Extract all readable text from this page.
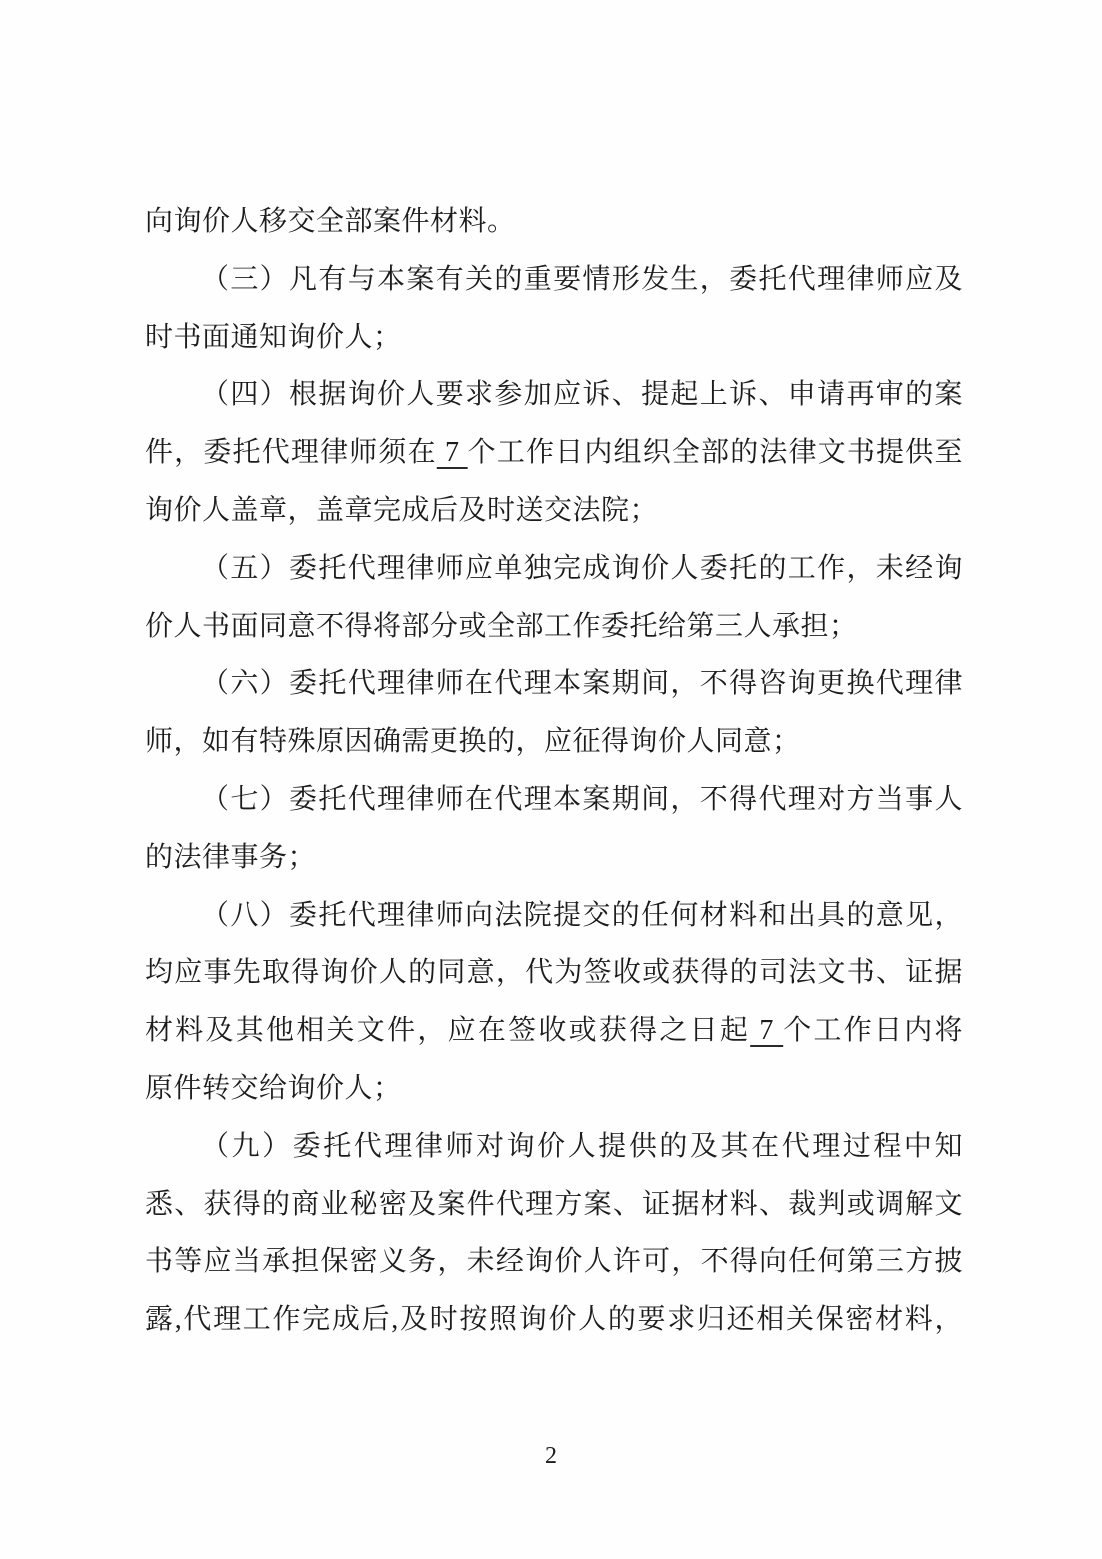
向询价人移交全部案件材料。
（三）凡有与本案有关的重要情形发生，委托代理律师应及
时书面通知询价人；
（四）根据询价人要求参加应诉、提起上诉、申请再审的案
件，委托代理律师须在 7 个工作日内组织全部的法律文书提供至
询价人盖章，盖章完成后及时送交法院；
（五）委托代理律师应单独完成询价人委托的工作，未经询
价人书面同意不得将部分或全部工作委托给第三人承担；
（六）委托代理律师在代理本案期间，不得咨询更换代理律
师，如有特殊原因确需更换的，应征得询价人同意；
（七）委托代理律师在代理本案期间，不得代理对方当事人
的法律事务；
（八）委托代理律师向法院提交的任何材料和出具的意见，
均应事先取得询价人的同意，代为签收或获得的司法文书、证据
材料及其他相关文件，应在签收或获得之日起 7 个工作日内将
原件转交给询价人；
（九）委托代理律师对询价人提供的及其在代理过程中知
悉、获得的商业秘密及案件代理方案、证据材料、裁判或调解文
书等应当承担保密义务，未经询价人许可，不得向任何第三方披
露,代理工作完成后,及时按照询价人的要求归还相关保密材料，
2
